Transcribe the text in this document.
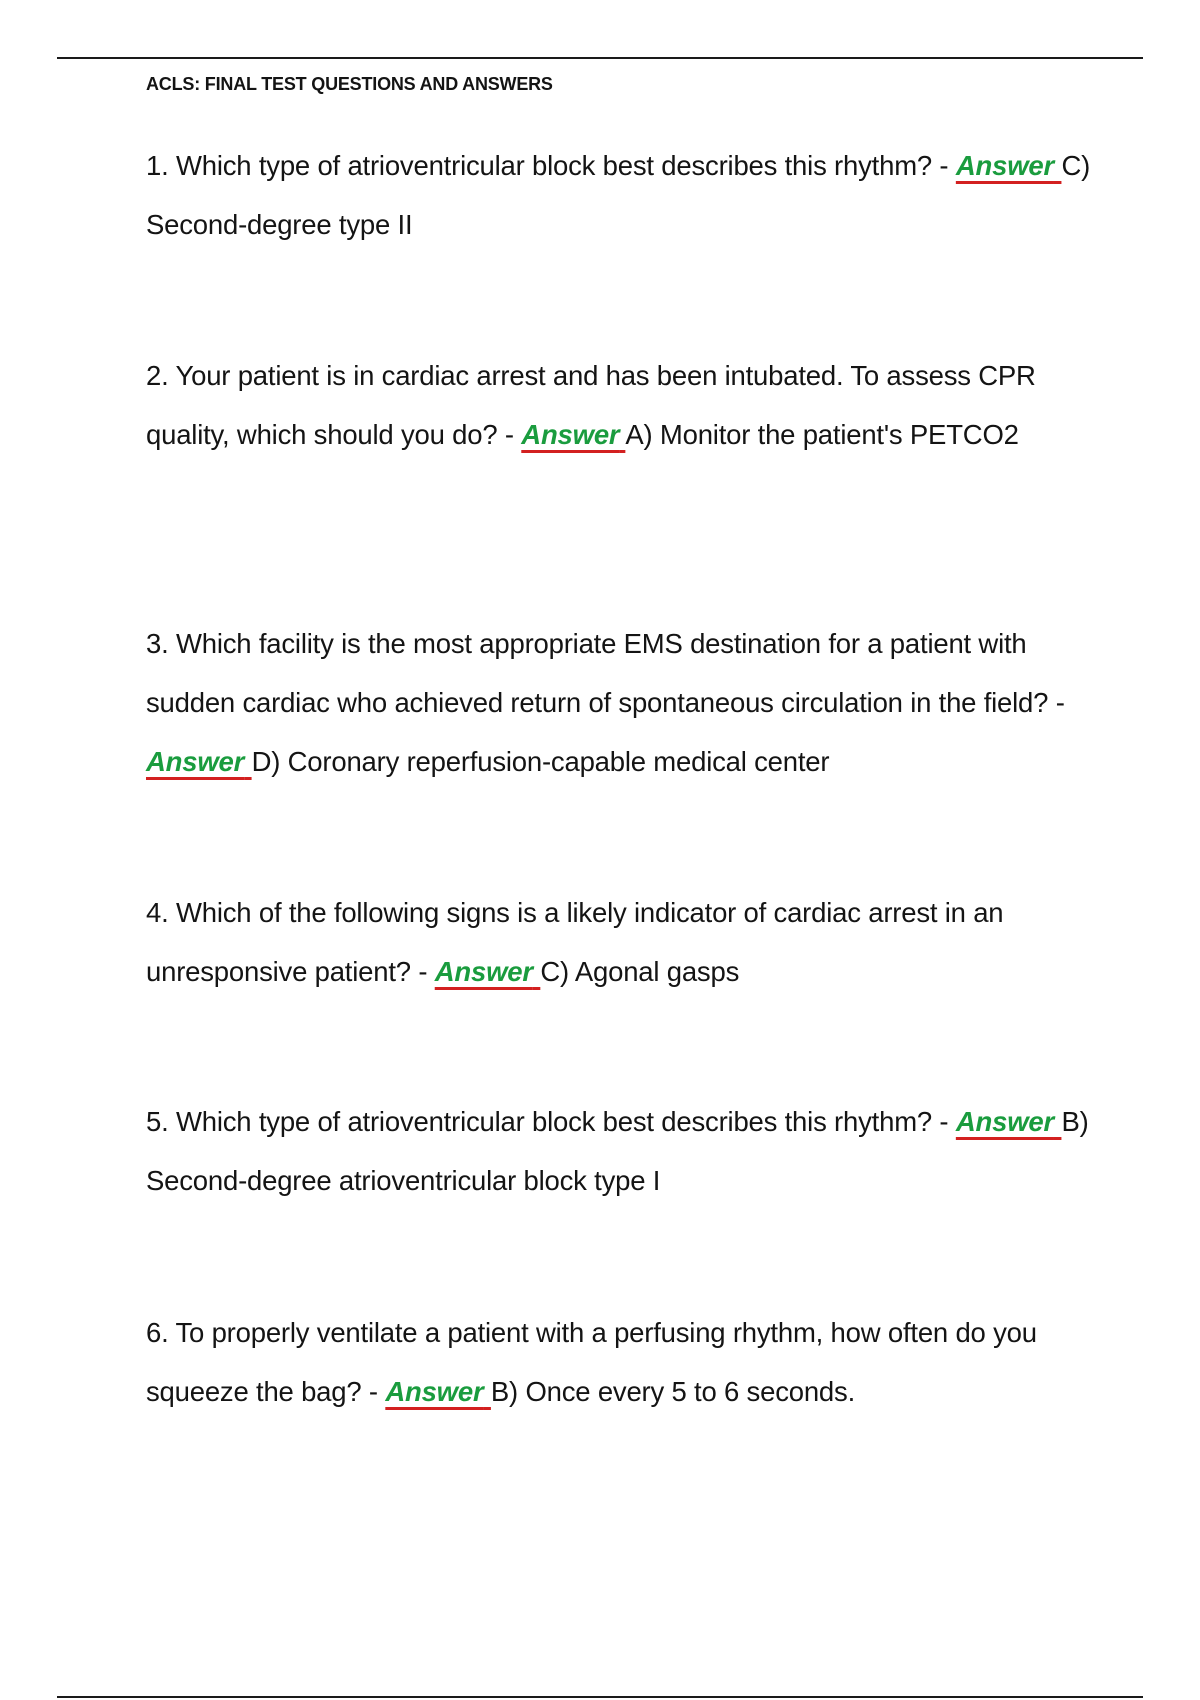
ACLS: FINAL TEST QUESTIONS AND ANSWERS
1. Which type of atrioventricular block best describes this rhythm? - Answer C) Second-degree type II
2. Your patient is in cardiac arrest and has been intubated. To assess CPR quality, which should you do? - Answer A) Monitor the patient's PETCO2
3. Which facility is the most appropriate EMS destination for a patient with sudden cardiac who achieved return of spontaneous circulation in the field? - Answer D) Coronary reperfusion-capable medical center
4. Which of the following signs is a likely indicator of cardiac arrest in an unresponsive patient? - Answer C) Agonal gasps
5. Which type of atrioventricular block best describes this rhythm? - Answer B) Second-degree atrioventricular block type I
6. To properly ventilate a patient with a perfusing rhythm, how often do you squeeze the bag? - Answer B) Once every 5 to 6 seconds.
